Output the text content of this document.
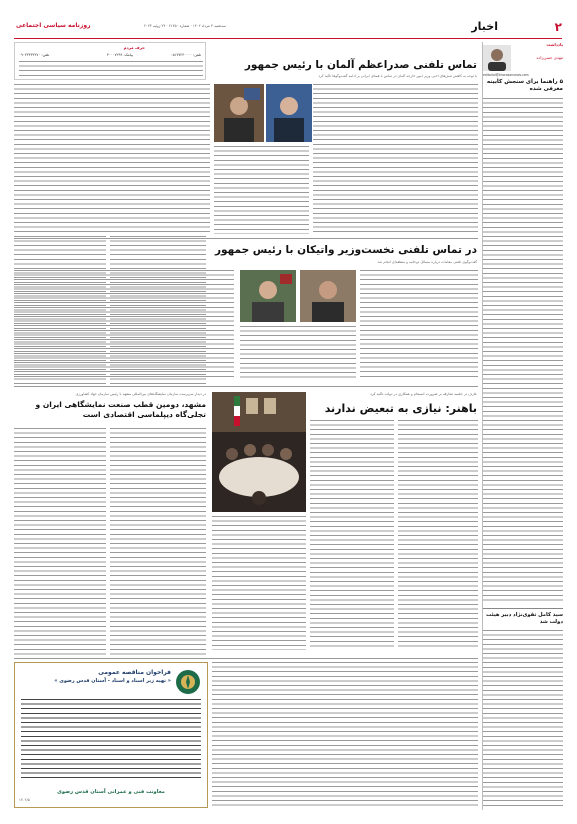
۲
اخبار
سه‌شنبه ۳ مرداد ۱۴۰۲ · شماره ۲۱۴۵۰ · ۲۴ ژوئیه ۲۰۲۳
روزنامه سیاسی اجتماعی
یادداشت
مهدی حسن‌زاده
editorial@khorasannews.com
۵ راهنما برای سنجش کابینه معرفی شده
سید کامل تقوی‌نژاد دبیر هیئت دولت شد
تماس تلفنی صدراعظم آلمان با رئیس جمهور
با توجه به کاهش تنش‌های اخیر، وزیر امور خارجه آلمان در تماس با همتای ایرانی بر ادامه گفت‌وگوها تاکید کرد
در تماس تلفنی نخست‌وزیر واتیکان با رئیس جمهور
گفت‌وگوی تلفنی مقامات درباره مسائل دوجانبه و منطقه‌ای انجام شد
حرف مردم
تلفن: ۰۵۱۳۷۲۳۰۰۰۰
پیامک: ۳۰۰۰۷۲۹۹
تلفن: ۰۹۰۳۳۳۳۳۲۷۰
عارف در جلسه معارفه بر ضرورت انسجام و همکاری در دولت تاکید کرد
باهنر: نیازی به تبعیض ندارند
در دیدار سرپرست سازمان نمایشگاه‌های بین‌المللی مشهد با رئیس سازمان جهاد کشاورزی
مشهد، دومین قطب صنعت نمایشگاهی ایران و تجلی‌گاه دیپلماسی اقتصادی است
فراخوان مناقصه عمومی
« تهیه زیر اسناد و اسناد - آستان قدس رضوی »
معاونت فنی و عمرانی آستان قدس رضوی
۱۴۰۲/۵
